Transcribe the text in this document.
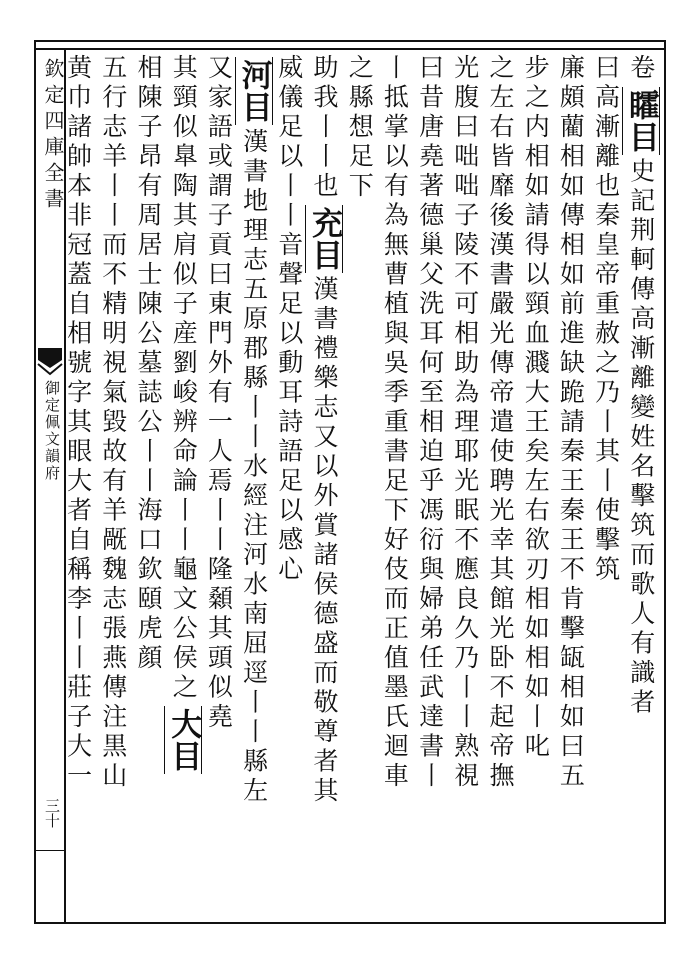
欽定四庫全書
御定佩文韻府
三十
卷矐目史記荆軻傳高漸離變姓名擊筑而歌人有識者
曰高漸離也秦皇帝重赦之乃丨其丨使擊筑
廉頗藺相如傳相如前進缺跪請秦王秦王不肯擊缻相如曰五
步之内相如請得以頸血濺大王矣左右欲刃相如相如丨叱
之左右皆靡後漢書嚴光傳帝遣使聘光幸其館光卧不起帝撫
光腹曰咄咄子陵不可相助為理耶光眠不應良久乃丨丨熟視
曰昔唐堯著德巢父洗耳何至相迫乎馮衍與婦弟任武達書丨
丨抵掌以有為無曹植與吳季重書足下好伎而正值墨氏迴車
之縣想足下
助我丨丨也充目漢書禮樂志又以外賞諸侯德盛而敬尊者其
威儀足以丨丨音聲足以動耳詩語足以感心
河目漢書地理志五原郡縣丨丨水經注河水南屈逕丨丨縣左
又家語或謂子貢曰東門外有一人焉丨丨隆顙其頭似堯
其頸似臯陶其肩似子産劉峻辨命論丨丨龜文公侯之大目
相陳子昂有周居士陳公墓誌公丨丨海口欽頤虎顔
五行志羊丨丨而不精明視氣毀故有羊旤魏志張燕傳注黒山
黄巾諸帥本非冠蓋自相號字其眼大者自稱李丨丨莊子大一
